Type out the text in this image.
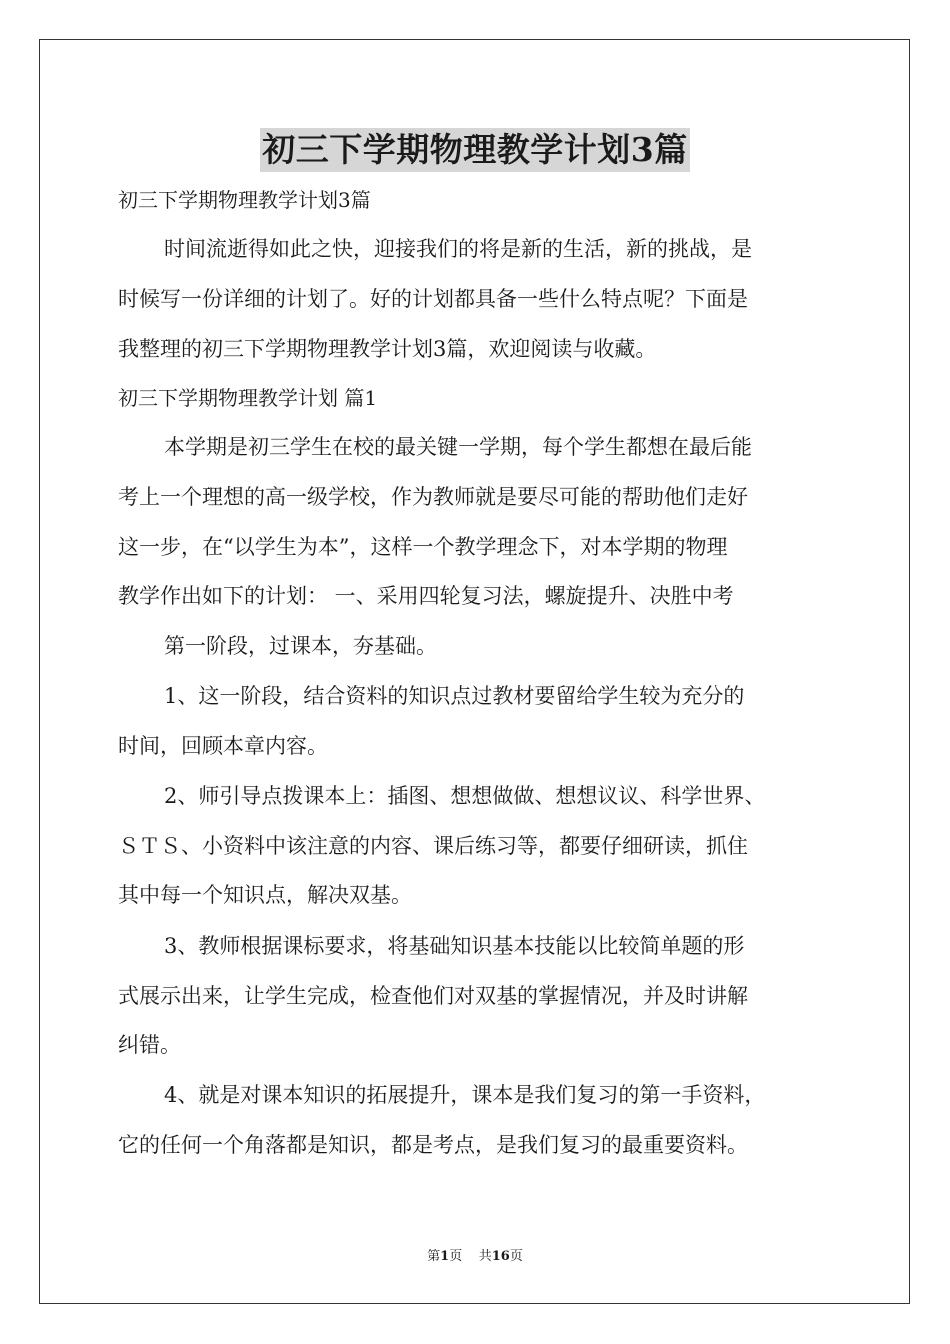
初三下学期物理教学计划3篇
初三下学期物理教学计划3篇
时间流逝得如此之快，迎接我们的将是新的生活，新的挑战，是
时候写一份详细的计划了。好的计划都具备一些什么特点呢？下面是
我整理的初三下学期物理教学计划3篇，欢迎阅读与收藏。
初三下学期物理教学计划 篇1
本学期是初三学生在校的最关键一学期，每个学生都想在最后能
考上一个理想的高一级学校，作为教师就是要尽可能的帮助他们走好
这一步，在“以学生为本”，这样一个教学理念下，对本学期的物理
教学作出如下的计划： 一、采用四轮复习法，螺旋提升、决胜中考
第一阶段，过课本，夯基础。
1、这一阶段，结合资料的知识点过教材要留给学生较为充分的
时间，回顾本章内容。
2、师引导点拨课本上：插图、想想做做、想想议议、科学世界、
ＳＴＳ、小资料中该注意的内容、课后练习等，都要仔细研读，抓住
其中每一个知识点，解决双基。
3、教师根据课标要求，将基础知识基本技能以比较简单题的形
式展示出来，让学生完成，检查他们对双基的掌握情况，并及时讲解
纠错。
4、就是对课本知识的拓展提升，课本是我们复习的第一手资料，
它的任何一个角落都是知识，都是考点，是我们复习的最重要资料。
第1页 共16页
